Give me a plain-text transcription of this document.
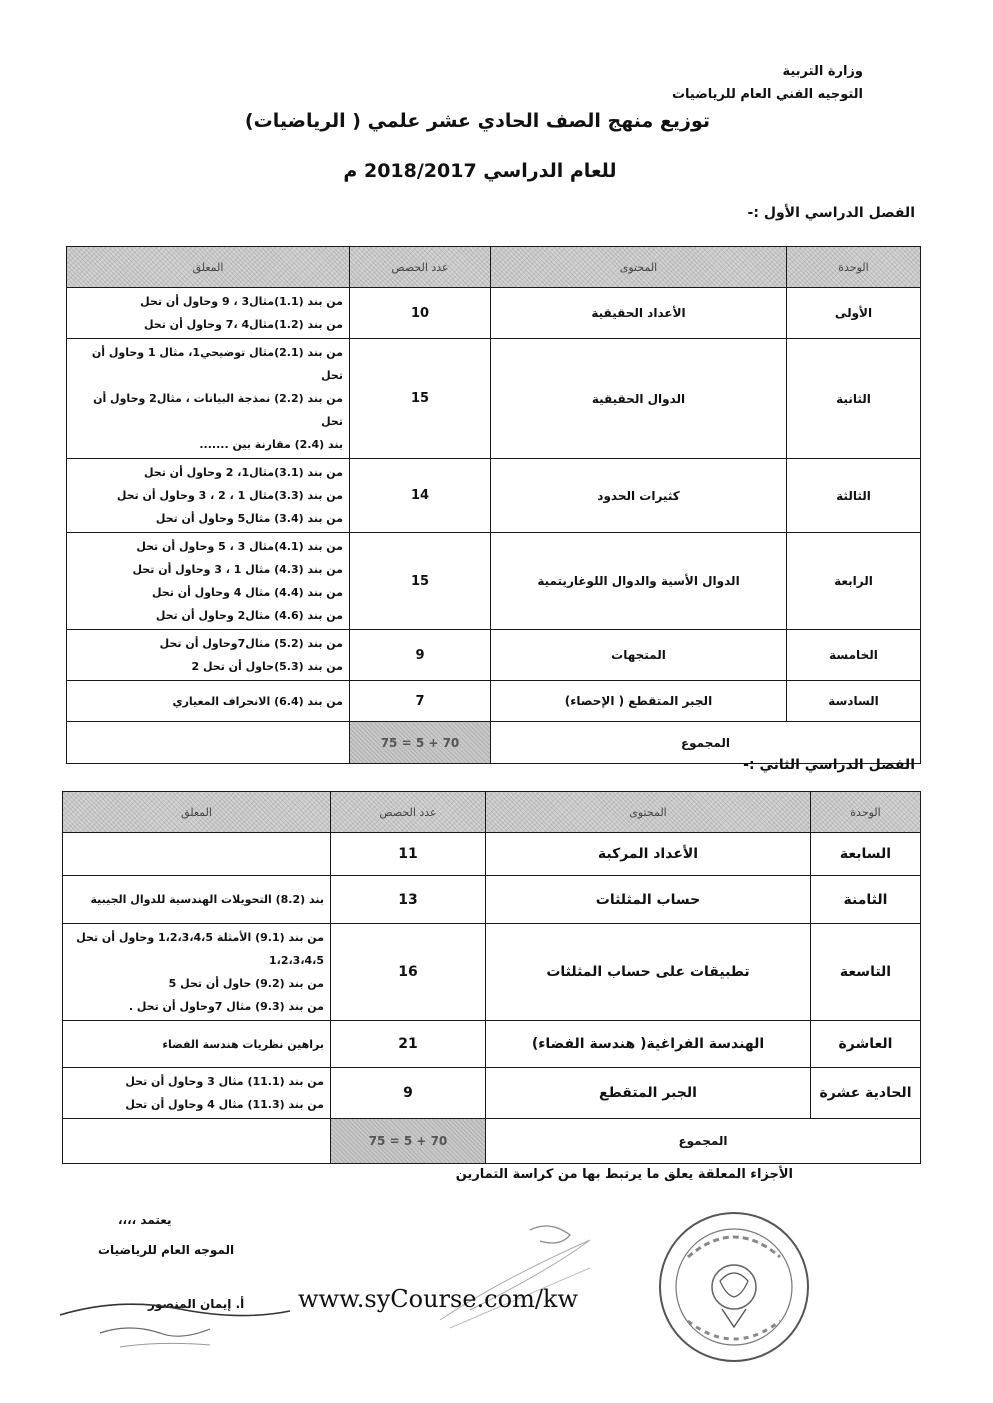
وزارة التربية
التوجيه الفني العام للرياضيات
توزيع منهج الصف الحادي عشر علمي ( الرياضيات)
للعام الدراسي 2018/2017 م
الفصل الدراسي الأول :-
الوحدة	المحتوى	عدد الحصص	المعلق
الأولى	الأعداد الحقيقية	10	من بند (1.1)مثال3 ، 9 وحاول أن تحل
من بند (1.2)مثال4 ،7 وحاول أن تحل

الثانية	الدوال الحقيقية	15	من بند (2.1)مثال توضيحي1، مثال 1 وحاول أن تحل
من بند (2.2) نمذجة البيانات ، مثال2 وحاول أن تحل
بند (2.4) مقارنة بين .......

الثالثة	كثيرات الحدود	14	من بند (3.1)مثال1، 2 وحاول أن تحل
من بند (3.3)مثال 1 ، 2 ، 3 وحاول أن تحل
من بند (3.4) مثال5 وحاول أن تحل

الرابعة	الدوال الأسية والدوال اللوغاريتمية	15	من بند (4.1)مثال 3 ، 5 وحاول أن تحل
من بند (4.3) مثال 1 ، 3 وحاول أن تحل
من بند (4.4) مثال 4 وحاول أن تحل
من بند (4.6) مثال2 وحاول أن تحل

الخامسة	المتجهات	9	من بند (5.2) مثال7وحاول أن تحل
من بند (5.3)حاول أن تحل 2

السادسة	الجبر المتقطع ( الإحصاء)	7	من بند (6.4) الانحراف المعياري

المجموع		75 = 5 + 70	
الفصل الدراسي الثاني :-
الوحدة	المحتوى	عدد الحصص	المعلق
السابعة	الأعداد المركبة	11	
الثامنة	حساب المثلثات	13	بند (8.2) التحويلات الهندسية للدوال الجيبية

التاسعة	تطبيقات على حساب المثلثات	16	من بند (9.1) الأمثلة 1،2،3،4،5 وحاول أن تحل 1،2،3،4،5
من بند (9.2) حاول أن تحل 5
من بند (9.3) مثال 7وحاول أن تحل .

العاشرة	الهندسة الفراغية( هندسة الفضاء)	21	براهين نظريات هندسة الفضاء

الحادية عشرة	الجبر المتقطع	9	من بند (11.1) مثال 3 وحاول أن تحل
من بند (11.3) مثال 4 وحاول أن تحل

المجموع		75 = 5 + 70	
الأجزاء المعلقة يعلق ما يرتبط بها من كراسة التمارين
يعتمد ،،،،
الموجه العام للرياضيات
أ. إيمان المنصور www.syCourse.com/kw
